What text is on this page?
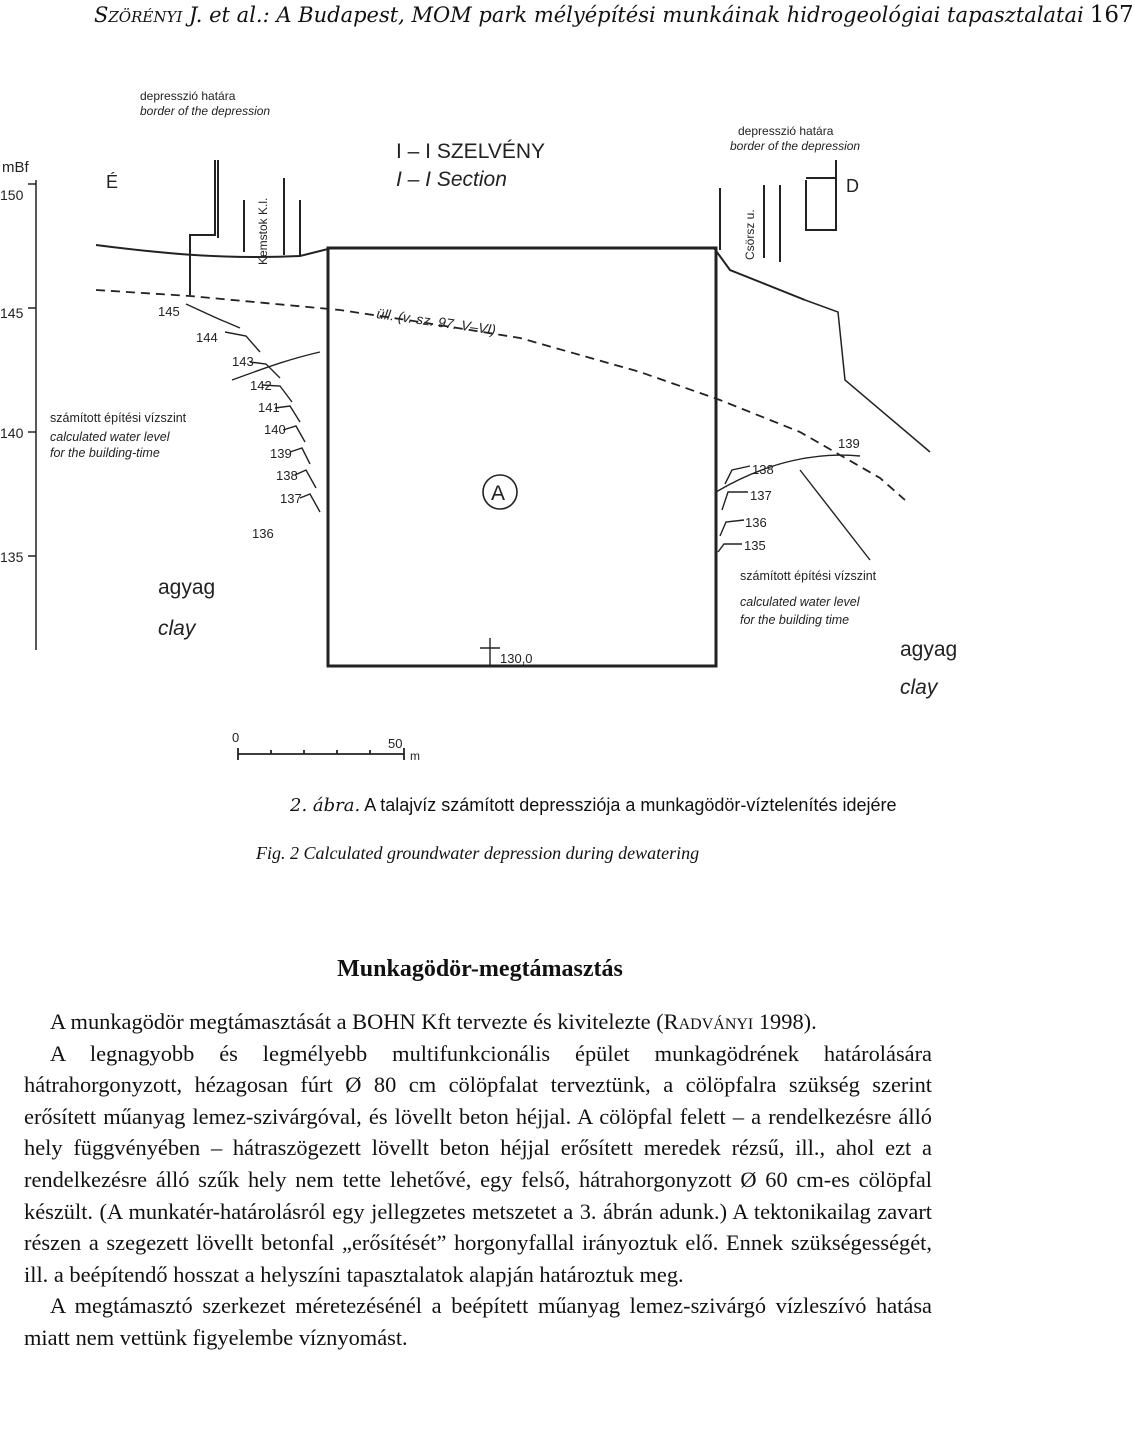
Szörényi J. et al.: A Budapest, MOM park mélyépítési munkáinak hidrogeológiai tapasztalatai 167
mBf
150
145
140
135
I – I SZELVÉNY
I – I Section
É	D
depresszió határa
border of the depression
depresszió határa
border of the depression
Kemstok K.l.	Csörsz u.
üll. (v. sz. 97. V–VI)
A
130,0
145
144
143
142
141
140
139
138
137
136
139
138
137
136
135
számított építési vízszint
calculated water level
for the building-time
számított építési vízszint
calculated water level
for the building time
agyag
clay
agyag
clay
0	50
m
2. ábra. A talajvíz számított depressziója a munkagödör-víztelenítés idejére
Fig. 2 Calculated groundwater depression during dewatering
Munkagödör-megtámasztás

A munkagödör megtámasztását a BOHN Kft tervezte és kivitelezte (Radványi 1998).

A legnagyobb és legmélyebb multifunkcionális épület munkagödrének határolására hátrahorgonyzott, hézagosan fúrt Ø 80 cm cölöpfalat terveztünk, a cölöpfalra szükség szerint erősített műanyag lemez-szivárgóval, és lövellt beton héjjal. A cölöpfal felett – a rendelkezésre álló hely függvényében – hátraszögezett lövellt beton héjjal erősített meredek rézsű, ill., ahol ezt a rendelkezésre álló szűk hely nem tette lehetővé, egy felső, hátrahorgonyzott Ø 60 cm-es cölöpfal készült. (A munkatér-határolásról egy jellegzetes metszetet a 3. ábrán adunk.) A tektonikailag zavart részen a szegezett lövellt betonfal „erősítését” horgonyfallal irányoztuk elő. Ennek szükségességét, ill. a beépítendő hosszat a helyszíni tapasztalatok alapján határoztuk meg.

A megtámasztó szerkezet méretezésénél a beépített műanyag lemez-szivárgó vízleszívó hatása miatt nem vettünk figyelembe víznyomást.
